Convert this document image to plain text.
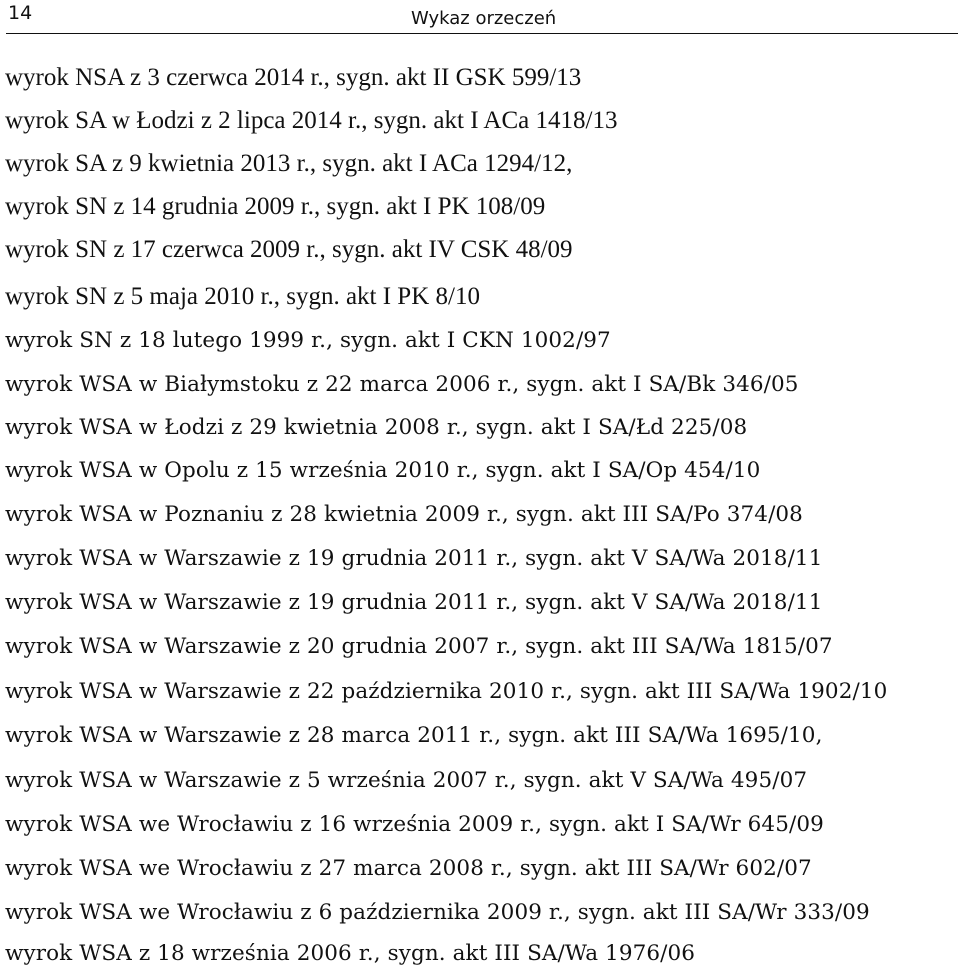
14	Wykaz orzeczeń
wyrok NSA z 3 czerwca 2014 r., sygn. akt II GSK 599/13
wyrok SA w Łodzi z 2 lipca 2014 r., sygn. akt I ACa 1418/13
wyrok SA z 9 kwietnia 2013 r., sygn. akt I ACa 1294/12,
wyrok SN z 14 grudnia 2009 r., sygn. akt I PK 108/09
wyrok SN z 17 czerwca 2009 r., sygn. akt IV CSK 48/09
wyrok SN z 5 maja 2010 r., sygn. akt I PK 8/10
wyrok SN z 18 lutego 1999 r., sygn. akt I CKN 1002/97
wyrok WSA w Białymstoku z 22 marca 2006 r., sygn. akt I SA/Bk 346/05
wyrok WSA w Łodzi z 29 kwietnia 2008 r., sygn. akt I SA/Łd 225/08
wyrok WSA w Opolu z 15 września 2010 r., sygn. akt I SA/Op 454/10
wyrok WSA w Poznaniu z 28 kwietnia 2009 r., sygn. akt III SA/Po 374/08
wyrok WSA w Warszawie z 19 grudnia 2011 r., sygn. akt V SA/Wa 2018/11
wyrok WSA w Warszawie z 19 grudnia 2011 r., sygn. akt V SA/Wa 2018/11
wyrok WSA w Warszawie z 20 grudnia 2007 r., sygn. akt III SA/Wa 1815/07
wyrok WSA w Warszawie z 22 października 2010 r., sygn. akt III SA/Wa 1902/10
wyrok WSA w Warszawie z 28 marca 2011 r., sygn. akt III SA/Wa 1695/10,
wyrok WSA w Warszawie z 5 września 2007 r., sygn. akt V SA/Wa 495/07
wyrok WSA we Wrocławiu z 16 września 2009 r., sygn. akt I SA/Wr 645/09
wyrok WSA we Wrocławiu z 27 marca 2008 r., sygn. akt III SA/Wr 602/07
wyrok WSA we Wrocławiu z 6 października 2009 r., sygn. akt III SA/Wr 333/09
wyrok WSA z 18 września 2006 r., sygn. akt III SA/Wa 1976/06
